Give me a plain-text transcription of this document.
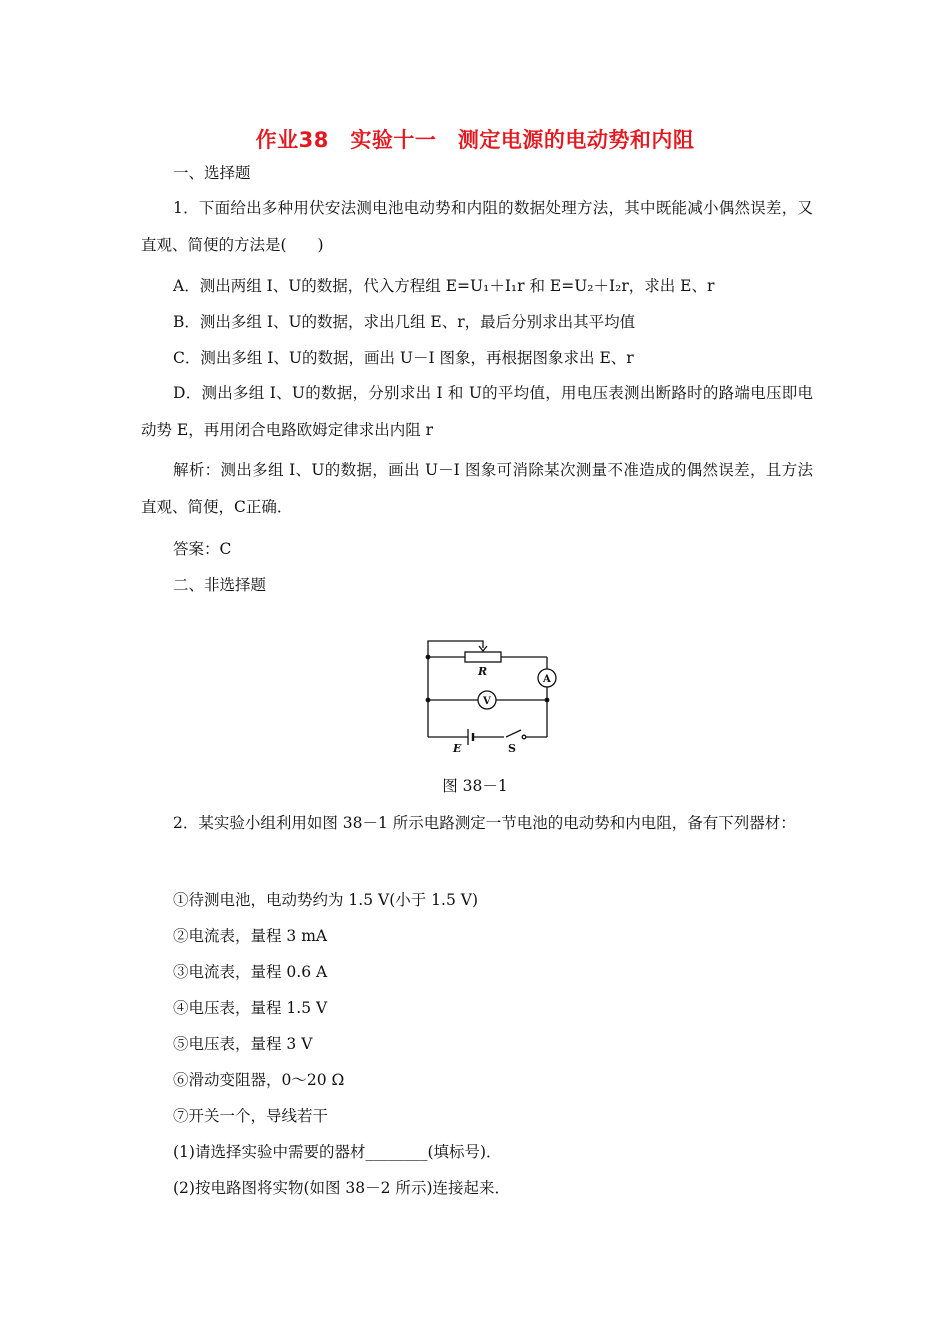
作业38　实验十一　测定电源的电动势和内阻
一、选择题
1．下面给出多种用伏安法测电池电动势和内阻的数据处理方法，其中既能减小偶然误差，又直观、简便的方法是(　　)
A．测出两组 I、U的数据，代入方程组 E=U₁＋I₁r 和 E=U₂＋I₂r，求出 E、r
B．测出多组 I、U的数据，求出几组 E、r，最后分别求出其平均值
C．测出多组 I、U的数据，画出 U－I 图象，再根据图象求出 E、r
D．测出多组 I、U的数据，分别求出 I 和 U的平均值，用电压表测出断路时的路端电压即电动势 E，再用闭合电路欧姆定律求出内阻 r
解析：测出多组 I、U的数据，画出 U－I 图象可消除某次测量不准造成的偶然误差，且方法直观、简便，C正确．
答案：C
二、非选择题
R
A
V
E	S
图 38－1
2．某实验小组利用如图 38－1 所示电路测定一节电池的电动势和内电阻，备有下列器材：
①待测电池，电动势约为 1.5 V(小于 1.5 V)
②电流表，量程 3 mA
③电流表，量程 0.6 A
④电压表，量程 1.5 V
⑤电压表，量程 3 V
⑥滑动变阻器，0～20 Ω
⑦开关一个，导线若干
(1)请选择实验中需要的器材________(填标号)．
(2)按电路图将实物(如图 38－2 所示)连接起来．
